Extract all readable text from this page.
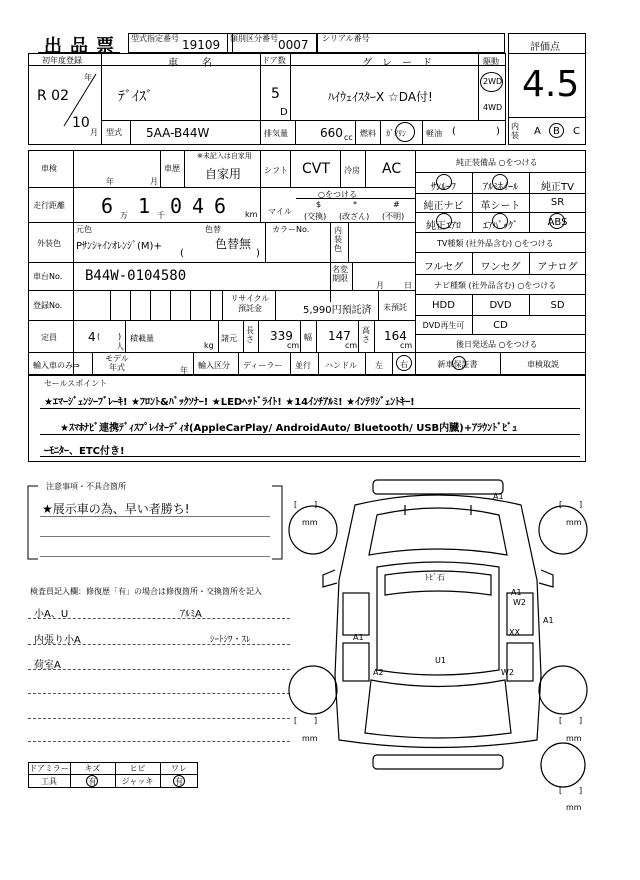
出品票 型式指定番号 19109 類別区分番号 0007 シリアル番号
評価点
4.5
内装 A B C
初年度登録
R 02
年
10
月
車名
ﾃﾞｲｽﾞ
ドア数
5
D
グレード
ﾊｲｳｪｲｽﾀｰX ☆DA付!
駆動
2WD
4WD
型式 5AA-B44W	排気量	660 cc 燃料 ｶﾞｿﾘﾝ	軽油 (	)
車検
年	月
車歴
※未記入は自家用
自家用	シフト CVT 冷房 AC
走行距離 6 万 1 千 0 4 6 km
○をつける
マイル
$
(交換)
*
(改ざん)
#
(不明)
外装色
元色
Pｻﾝｼｬｲﾝｵﾚﾝｼﾞ(M)+
色替
色替無
(	)
カラーNo.	内装色
車台No. B44W-0104580	名変期限
月	日
登録No.
リサイクル預託金	5,990円預託済 未預託
定員	4 ( )
人
積載量
kg
諸元
長さ 339
cm
幅 147
cm
高さ 164
cm
輸入車のみ⇒
モデル年式	年
輸入区分 ディーラー 並行 ハンドル 左 右
純正装備品 ○をつける
ｻﾝﾙｰﾌ	ｱﾙﾐﾎｲｰﾙ	純正TV
純正ナビ	革シート	SR
純正ｴｱﾛ	ｴｱﾊﾞｯｸﾞ	ABS
TV種類 (社外品含む) ○をつける
フルセグ	ワンセグ	アナログ
ナビ種類 (社外品含む) ○をつける
HDD	DVD	SD
DVD再生可	CD
後日発送品 ○をつける
新車保証書	車検取説
セールスポイント
★ｴﾏｰｼﾞｪﾝｼｰﾌﾞﾚｰｷ! ★ﾌﾛﾝﾄ&ﾊﾞｯｸｿﾅｰ! ★LEDﾍｯﾄﾞﾗｲﾄ! ★14ｲﾝﾁｱﾙﾐ! ★ｲﾝﾃﾘｼﾞｪﾝﾄｷｰ!
★ｽﾏﾎﾅﾋﾞ連携ﾃﾞｨｽﾌﾟﾚｲｵｰﾃﾞｨｵ(AppleCarPlay/ AndroidAuto/ Bluetooth/ USB内臓)+ｱﾗｳﾝﾄﾞﾋﾞｭ
ｰﾓﾆﾀｰ、ETC付き!
注意事項・不具合箇所
★展示車の為、早い者勝ち!
検査員記入欄：修復歴「有」の場合は修復箇所・交換箇所を記入
小A、U	ｱﾙﾐA
内張り小A	ｼｰﾄｼﾜ・ｽﾚ
荷室A
ドアミラー	キズ	ヒビ	ワレ
工具	有	ジャッキ	有
A1
ﾄﾋﾞ石
A1
W2
A1
XX
A1
U1
A2	W2
[ ]
mm
[ ]
mm
[ ]
mm
[ ]
mm
[ ]
mm
